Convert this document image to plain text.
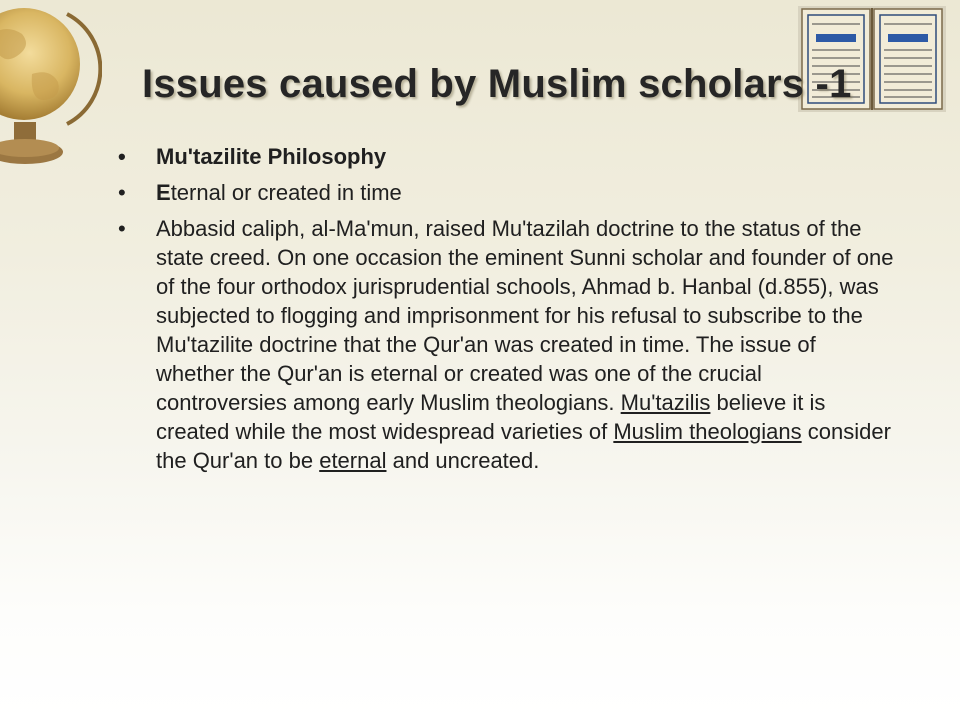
Issues caused by Muslim scholars -1
• Mu'tazilite Philosophy
• Eternal or created in time
• Abbasid caliph, al-Ma'mun, raised Mu'tazilah doctrine to the status of the state creed. On one occasion the eminent Sunni scholar and founder of one of the four orthodox jurisprudential schools, Ahmad b. Hanbal (d.855), was subjected to flogging and imprisonment for his refusal to subscribe to the Mu'tazilite doctrine that the Qur'an was created in time. The issue of whether the Qur'an is eternal or created was one of the crucial controversies among early Muslim theologians. Mu'tazilis believe it is created while the most widespread varieties of Muslim theologians consider the Qur'an to be eternal and uncreated.
